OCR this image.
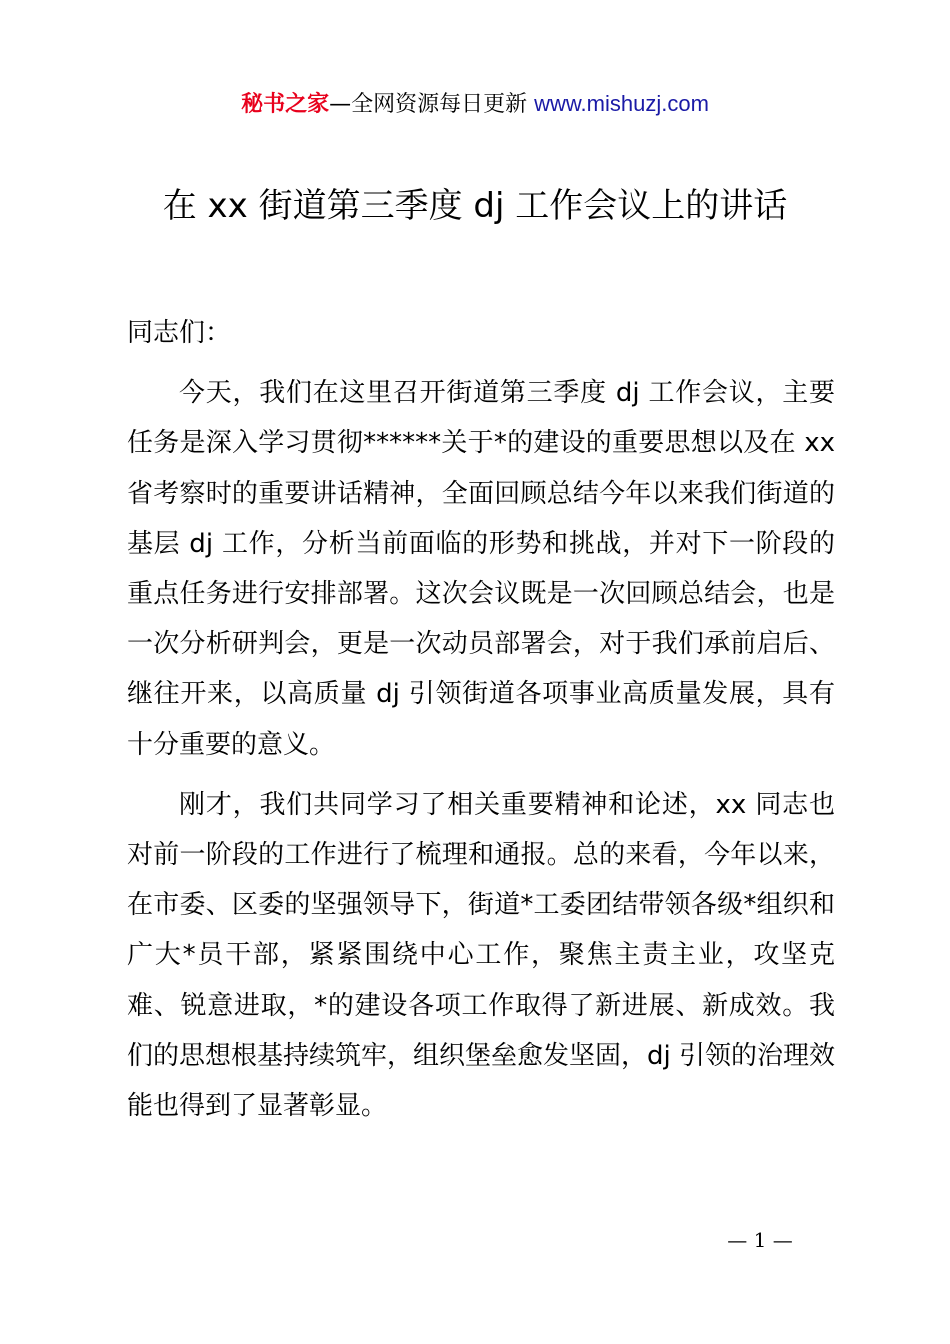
秘书之家—全网资源每日更新 www.mishuzj.com
在 xx 街道第三季度 dj 工作会议上的讲话

同志们：

今天，我们在这里召开街道第三季度 dj 工作会议，主要任务是深入学习贯彻******关于*的建设的重要思想以及在 xx 省考察时的重要讲话精神，全面回顾总结今年以来我们街道的基层 dj 工作，分析当前面临的形势和挑战，并对下一阶段的重点任务进行安排部署。这次会议既是一次回顾总结会，也是一次分析研判会，更是一次动员部署会，对于我们承前启后、继往开来，以高质量 dj 引领街道各项事业高质量发展，具有十分重要的意义。

刚才，我们共同学习了相关重要精神和论述，xx 同志也对前一阶段的工作进行了梳理和通报。总的来看，今年以来，在市委、区委的坚强领导下，街道*工委团结带领各级*组织和广大*员干部，紧紧围绕中心工作，聚焦主责主业，攻坚克难、锐意进取，*的建设各项工作取得了新进展、新成效。我们的思想根基持续筑牢，组织堡垒愈发坚固，dj 引领的治理效能也得到了显著彰显。

— 1 —
